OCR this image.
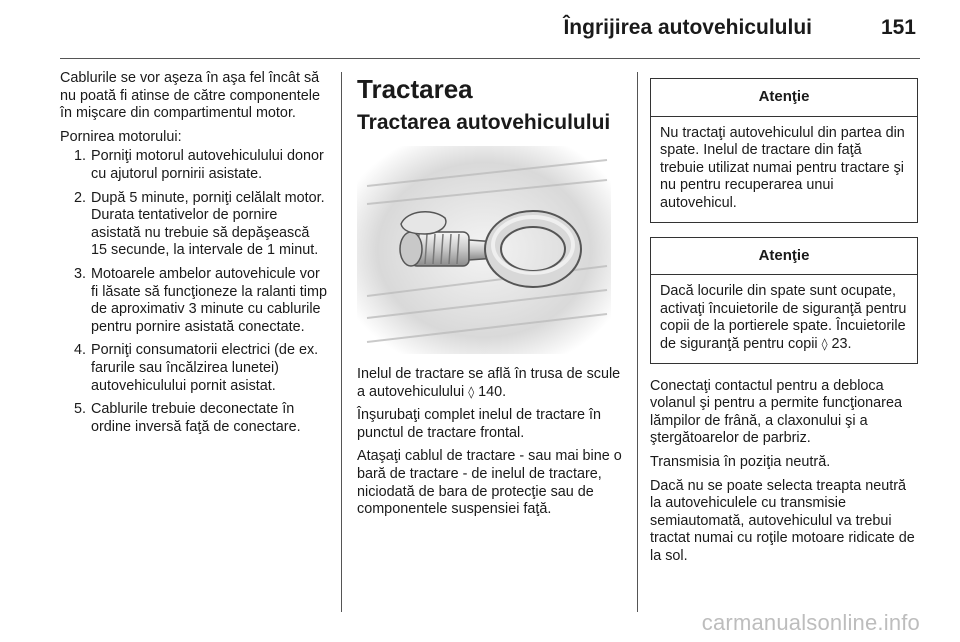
Îngrijirea autovehiculului	151

Cablurile se vor aşeza în aşa fel încât să nu poată fi atinse de către componentele în mişcare din compartimentul motor.

Pornirea motorului:

1. Porniţi motorul autovehiculului donor cu ajutorul pornirii asistate.
2. După 5 minute, porniţi celălalt motor. Durata tentativelor de pornire asistată nu trebuie să depăşească 15 secunde, la intervale de 1 minut.
3. Motoarele ambelor autovehicule vor fi lăsate să funcţioneze la ralanti timp de aproximativ 3 minute cu cablurile pentru pornire asistată conectate.
4. Porniţi consumatorii electrici (de ex. farurile sau încălzirea lunetei) autovehiculului pornit asistat.
5. Cablurile trebuie deconectate în ordine inversă faţă de conectare.
Tractarea
Tractarea autovehiculului

Inelul de tractare se află în trusa de scule a autovehiculului ◊ 140.

Înşurubaţi complet inelul de tractare în punctul de tractare frontal.

Ataşaţi cablul de tractare - sau mai bine o bară de tractare - de inelul de tractare, niciodată de bara de protecţie sau de componentele suspensiei faţă.

Atenţie
Nu tractaţi autovehiculul din partea din spate. Inelul de tractare din faţă trebuie utilizat numai pentru tractare şi nu pentru recuperarea unui autovehicul.
Atenţie
Dacă locurile din spate sunt ocupate, activaţi încuietorile de siguranţă pentru copii de la portierele spate. Încuietorile de siguranţă pentru copii ◊ 23.

Conectaţi contactul pentru a debloca volanul şi pentru a permite funcţionarea lămpilor de frână, a claxonului şi a ştergătoarelor de parbriz.

Transmisia în poziţia neutră.

Dacă nu se poate selecta treapta neutră la autovehiculele cu transmisie semiautomată, autovehiculul va trebui tractat numai cu roţile motoare ridicate de la sol.

carmanualsonline.info
